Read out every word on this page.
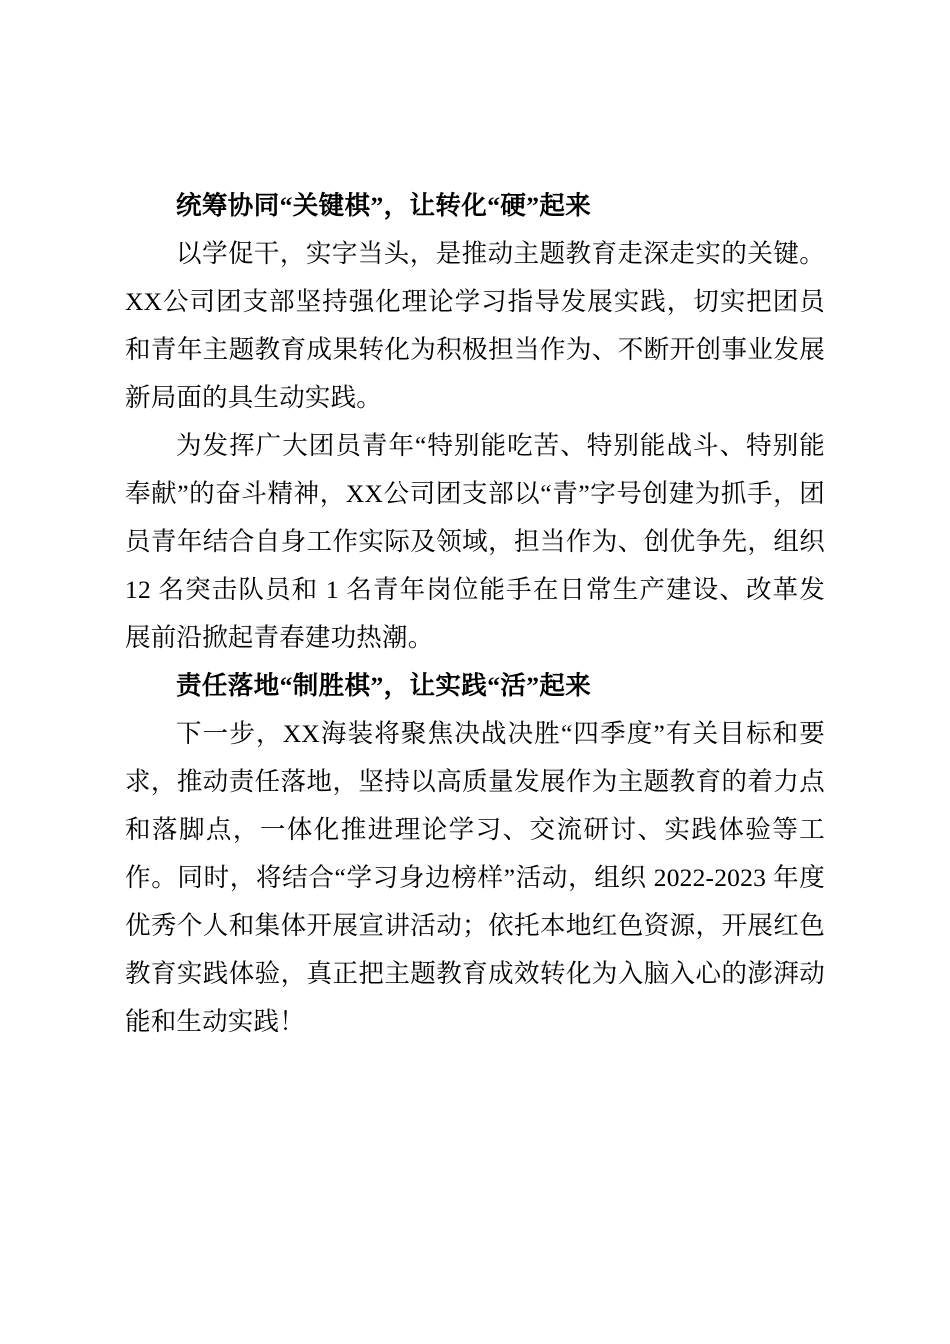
统筹协同“关键棋”，让转化“硬”起来

以学促干，实字当头，是推动主题教育走深走实的关键。XX公司团支部坚持强化理论学习指导发展实践，切实把团员和青年主题教育成果转化为积极担当作为、不断开创事业发展新局面的具生动实践。

为发挥广大团员青年“特别能吃苦、特别能战斗、特别能奉献”的奋斗精神，XX公司团支部以“青”字号创建为抓手，团员青年结合自身工作实际及领域，担当作为、创优争先，组织 12 名突击队员和 1 名青年岗位能手在日常生产建设、改革发展前沿掀起青春建功热潮。

责任落地“制胜棋”，让实践“活”起来

下一步，XX海装将聚焦决战决胜“四季度”有关目标和要求，推动责任落地，坚持以高质量发展作为主题教育的着力点和落脚点，一体化推进理论学习、交流研讨、实践体验等工作。同时，将结合“学习身边榜样”活动，组织 2022-2023 年度优秀个人和集体开展宣讲活动；依托本地红色资源，开展红色教育实践体验，真正把主题教育成效转化为入脑入心的澎湃动能和生动实践！
